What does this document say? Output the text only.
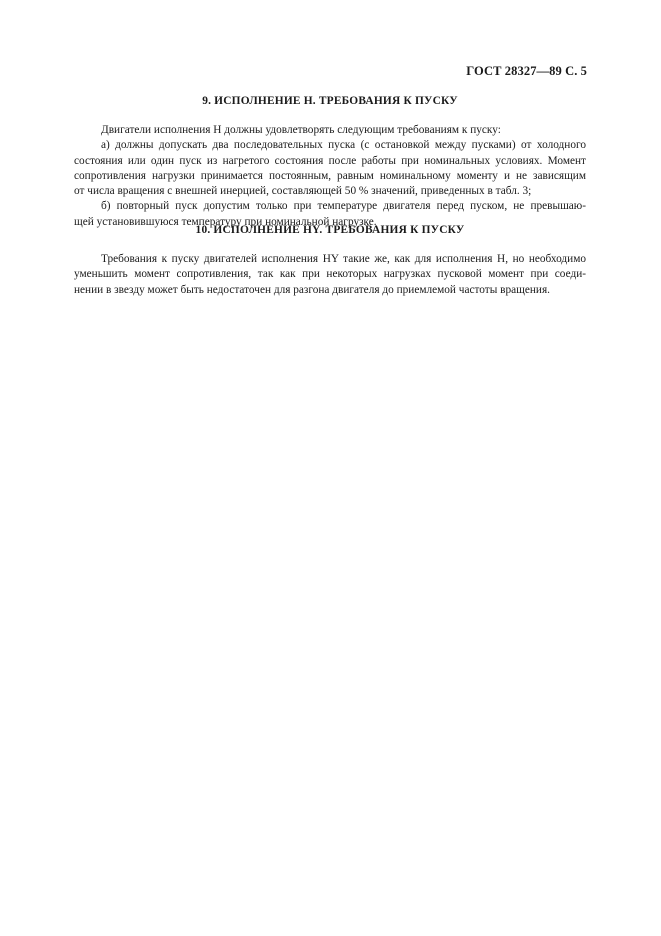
ГОСТ 28327—89 С. 5
9. ИСПОЛНЕНИЕ Н. ТРЕБОВАНИЯ К ПУСКУ
Двигатели исполнения Н должны удовлетворять следующим требованиям к пуску:
а) должны допускать два последовательных пуска (с остановкой между пусками) от холодного
состояния или один пуск из нагретого состояния после работы при номинальных условиях. Момент
сопротивления нагрузки принимается постоянным, равным номинальному моменту и не зависящим
от числа вращения с внешней инерцией, составляющей 50 % значений, приведенных в табл. 3;
б) повторный пуск допустим только при температуре двигателя перед пуском, не превышаю-
щей установившуюся температуру при номинальной нагрузке.
10. ИСПОЛНЕНИЕ НY. ТРЕБОВАНИЯ К ПУСКУ
Требования к пуску двигателей исполнения НY такие же, как для исполнения Н, но необходимо
уменьшить момент сопротивления, так как при некоторых нагрузках пусковой момент при соеди-
нении в звезду может быть недостаточен для разгона двигателя до приемлемой частоты вращения.
